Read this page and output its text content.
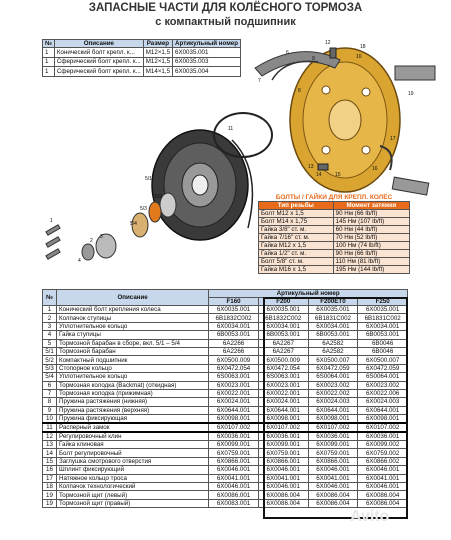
ЗАПАСНЫЕ ЧАСТИ ДЛЯ КОЛЁСНОГО ТОРМОЗА
с компактный подшипник
№	Описание	Размер	Артикульный номер
1	Конический болт крепл. к...	M12×1,5	6X0035.001
1	Сферический болт крепл. к...	M12×1,5	6X0035.003
1	Сферический болт крепл. к...	M14×1,5	6X0035.004
1
2
3
4
5/1
5/2
5/3
5/4
6
7
8
9	10
11
12
13
14	15
16
17
18
19
БОЛТЫ / ГАЙКИ ДЛЯ КРЕПЛ. КОЛЁС	
Тип резьбы	Момент затяжки
Болт M12 x 1,5	90 Нм (66 lb/ft)
Болт M14 x 1,75	145 Нм (107 lb/ft)
Гайка 3/8" ст. м.	60 Нм (44 lb/ft)
Гайка 7/16" ст. м.	70 Нм (52 lb/ft)
Гайка M12 x 1,5	100 Нм (74 lb/ft)
Гайка 1/2" ст. м.	90 Нм (66 lb/ft)
Болт 5/8" ст. м.	110 Нм (81 lb/ft)
Гайка M16 x 1,5	195 Нм (144 lb/ft)
№	Описание	Артикульный номер			
		F160	F200	F200ET0	F250
1	Конический болт крепления колеса	6X0035.001	6X0035.001	6X0035.001	6X0035.001
2	Колпачок ступицы	6B1832C002	6B1832C002	6B1831C002	6B1831C002
3	Уплотнительное кольцо	6X0034.001	6X0034.001	6X0034.001	6X0034.001
4	Гайка ступицы	6B0053.001	6B0053.001	6B0053.001	6B0053.001
5	Тормозной барабан в сборе, вкл. 5/1 – 5/4	6A2266	6A2267	6A2582	6B0046
5/1	Тормозной барабан	6A2266	6A2267	6A2582	6B0046
5/2	Компактный подшипник	6X0500.009	6X0500.009	6X0500.007	6X0500.007
5/3	Стопорное кольцо	6X0472.054	6X0472.054	6X0472.059	6X0472.059
5/4	Уплотнительное кольцо	6S0063.001	6S0063.001	6S0064.001	6S0064.001
6	Тормозная колодка (Backmat) (откидная)	6X0023.001	6X0023.001	6X0023.002	6X0023.002
7	Тормозная колодка (прижимная)	6X0022.001	6X0022.001	6X0022.002	6X0022.006
8	Пружина растяжения (нижняя)	6X0024.001	6X0024.001	6X0024.003	6X0024.003
9	Пружина растяжения (верхняя)	6X0644.001	6X0644.001	6X0644.001	6X0644.001
10	Пружина фиксирующая	6X0098.001	6X0098.001	6X0098.001	6X0098.001
11	Расперный замок	6X0107.002	6X0107.002	6X0107.002	6X0107.002
12	Регулировочный клин	6X0036.001	6X0036.001	6X0036.001	6X0036.001
13	Гайка клиновая	6X0099.001	6X0099.001	6X0099.001	6X0099.002
14	Болт регулировочный	6X0759.001	6X0759.001	6X0759.001	6X0759.002
15	Заглушка смотрового отверстия	6X0866.001	6X0866.001	6X0866.001	6X0866.002
16	Шплинт фиксирующий	6X0046.001	6X0046.001	6X0046.001	6X0046.001
17	Натяжное кольцо троса	6X0041.001	6X0041.001	6X0041.001	6X0041.001
18	Колпачок технологический	6X0046.001	6X0046.001	6X0046.001	6X0046.001
19	Тормозной щит (левый)	6X0086.001	6X0086.004	6X0086.004	6X0086.004
19	Тормозной щит (правый)	6X0083.001	6X0086.004	6X0086.004	6X0086.004
Avito
